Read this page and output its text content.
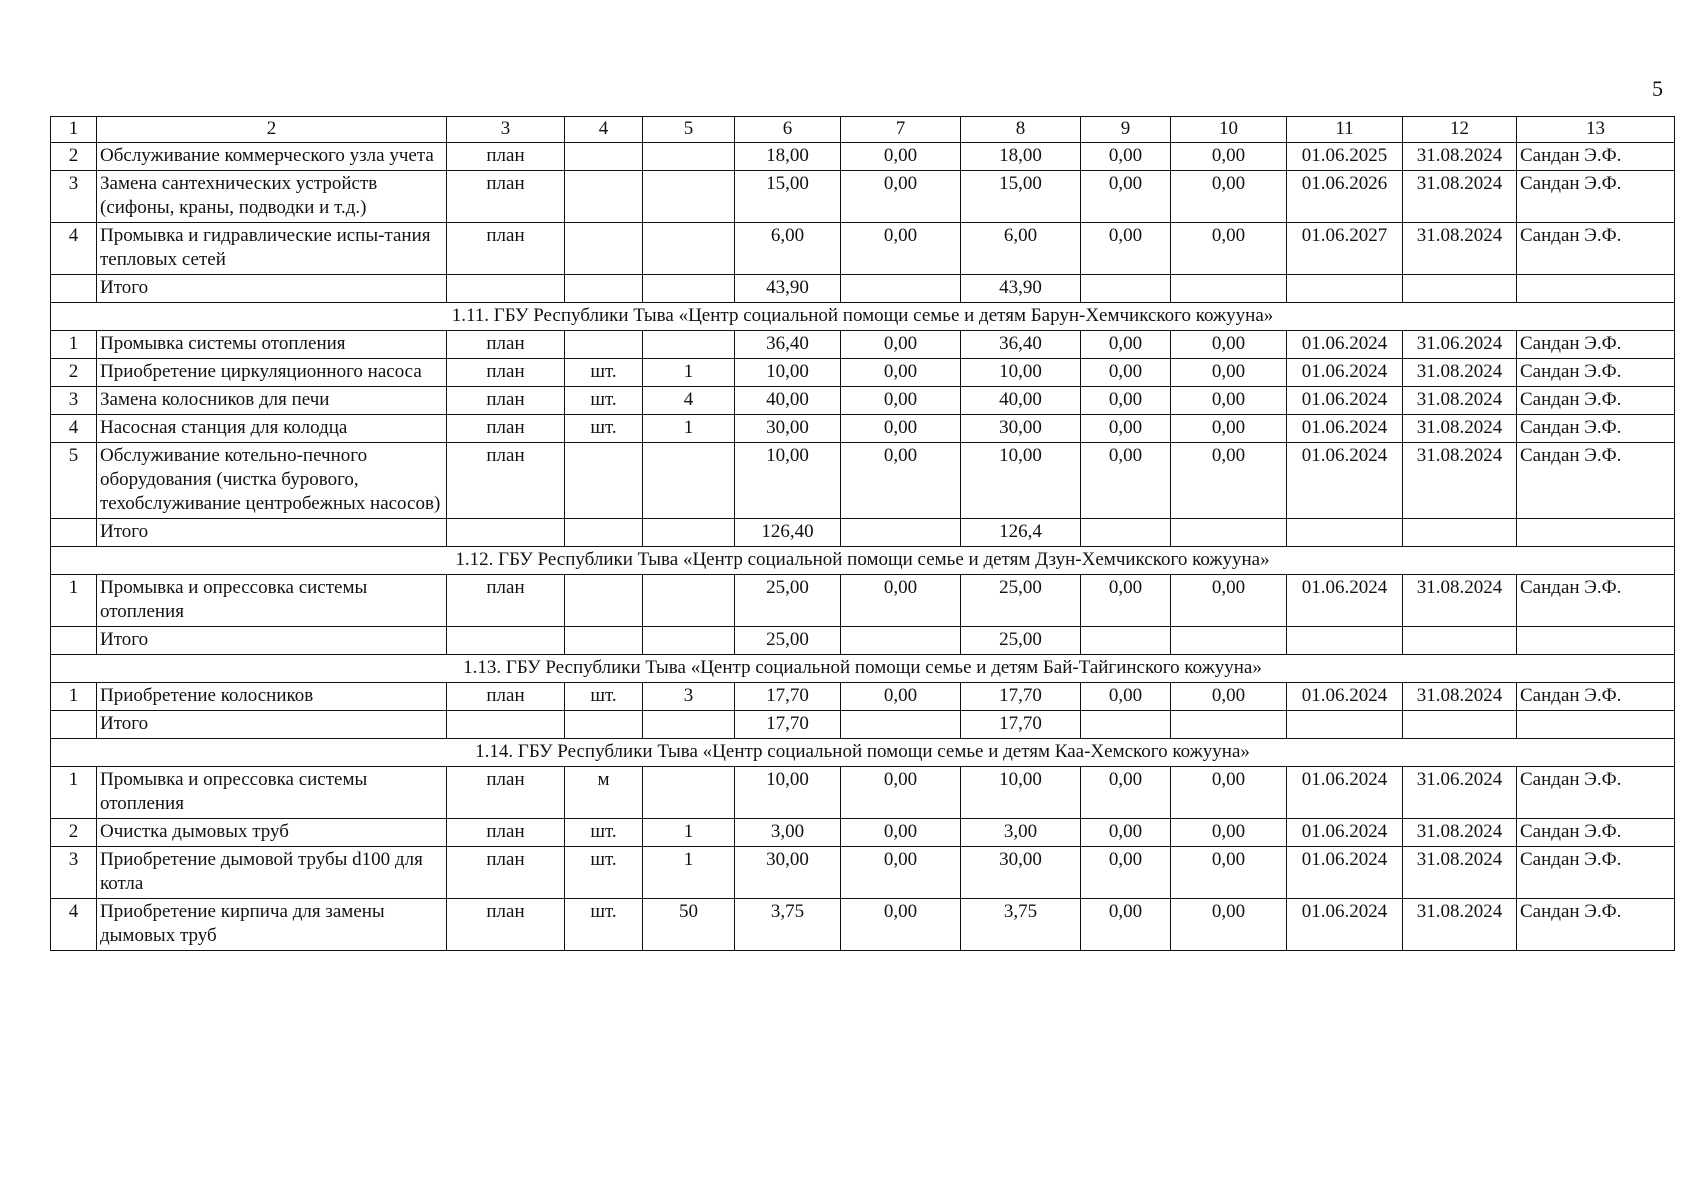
5
1	2	3	4	5	6	7	8	9	10	11	12	13
2	Обслуживание коммерческого узла учета	план			18,00	0,00	18,00	0,00	0,00	01.06.2025	31.08.2024	Сандан Э.Ф.
3	Замена сантехнических устройств (сифоны, краны, подводки и т.д.)	план			15,00	0,00	15,00	0,00	0,00	01.06.2026	31.08.2024	Сандан Э.Ф.
4	Промывка и гидравлические испы-тания тепловых сетей	план			6,00	0,00	6,00	0,00	0,00	01.06.2027	31.08.2024	Сандан Э.Ф.
	Итого				43,90		43,90					
1.11. ГБУ Республики Тыва «Центр социальной помощи семье и детям Барун-Хемчикского кожууна»												
1	Промывка системы отопления	план			36,40	0,00	36,40	0,00	0,00	01.06.2024	31.06.2024	Сандан Э.Ф.
2	Приобретение циркуляционного насоса	план	шт.	1	10,00	0,00	10,00	0,00	0,00	01.06.2024	31.08.2024	Сандан Э.Ф.
3	Замена колосников для печи	план	шт.	4	40,00	0,00	40,00	0,00	0,00	01.06.2024	31.08.2024	Сандан Э.Ф.
4	Насосная станция для колодца	план	шт.	1	30,00	0,00	30,00	0,00	0,00	01.06.2024	31.08.2024	Сандан Э.Ф.
5	Обслуживание котельно-печного оборудования (чистка бурового, техобслуживание центробежных насосов)	план			10,00	0,00	10,00	0,00	0,00	01.06.2024	31.08.2024	Сандан Э.Ф.
	Итого				126,40		126,4					
1.12. ГБУ Республики Тыва «Центр социальной помощи семье и детям Дзун-Хемчикского кожууна»												
1	Промывка и опрессовка системы отопления	план			25,00	0,00	25,00	0,00	0,00	01.06.2024	31.08.2024	Сандан Э.Ф.
	Итого				25,00		25,00					
1.13. ГБУ Республики Тыва «Центр социальной помощи семье и детям Бай-Тайгинского кожууна»												
1	Приобретение колосников	план	шт.	3	17,70	0,00	17,70	0,00	0,00	01.06.2024	31.08.2024	Сандан Э.Ф.
	Итого				17,70		17,70					
1.14. ГБУ Республики Тыва «Центр социальной помощи семье и детям Каа-Хемского кожууна»												
1	Промывка и опрессовка системы отопления	план	м		10,00	0,00	10,00	0,00	0,00	01.06.2024	31.06.2024	Сандан Э.Ф.
2	Очистка дымовых труб	план	шт.	1	3,00	0,00	3,00	0,00	0,00	01.06.2024	31.08.2024	Сандан Э.Ф.
3	Приобретение дымовой трубы d100 для котла	план	шт.	1	30,00	0,00	30,00	0,00	0,00	01.06.2024	31.08.2024	Сандан Э.Ф.
4	Приобретение кирпича для замены дымовых труб	план	шт.	50	3,75	0,00	3,75	0,00	0,00	01.06.2024	31.08.2024	Сандан Э.Ф.
